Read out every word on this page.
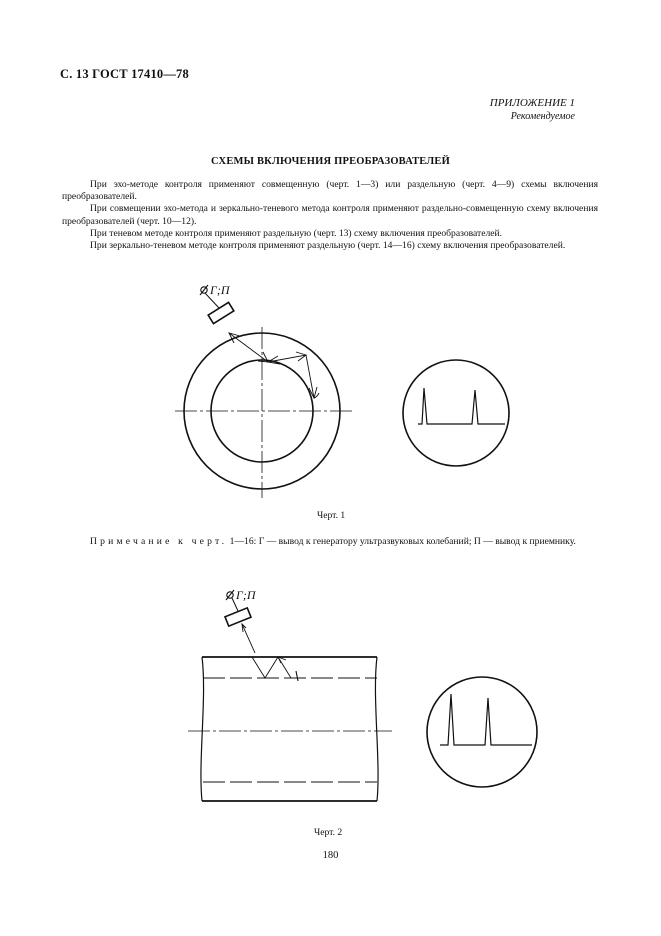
С. 13 ГОСТ 17410—78
ПРИЛОЖЕНИЕ 1
Рекомендуемое
СХЕМЫ ВКЛЮЧЕНИЯ ПРЕОБРАЗОВАТЕЛЕЙ

При эхо-методе контроля применяют совмещенную (черт. 1—3) или раздельную (черт. 4—9) схемы включения преобразователей.

При совмещении эхо-метода и зеркально-теневого метода контроля применяют раздельно-совмещенную схему включения преобразователей (черт. 10—12).

При теневом методе контроля применяют раздельную (черт. 13) схему включения преобразователей.

При зеркально-теневом методе контроля применяют раздельную (черт. 14—16) схему включения преобразователей.

Г;П
Г;П
Черт. 1
Примечание к черт. 1—16: Г — вывод к генератору ультразвуковых колебаний; П — вывод к приемнику.
Черт. 2
180
